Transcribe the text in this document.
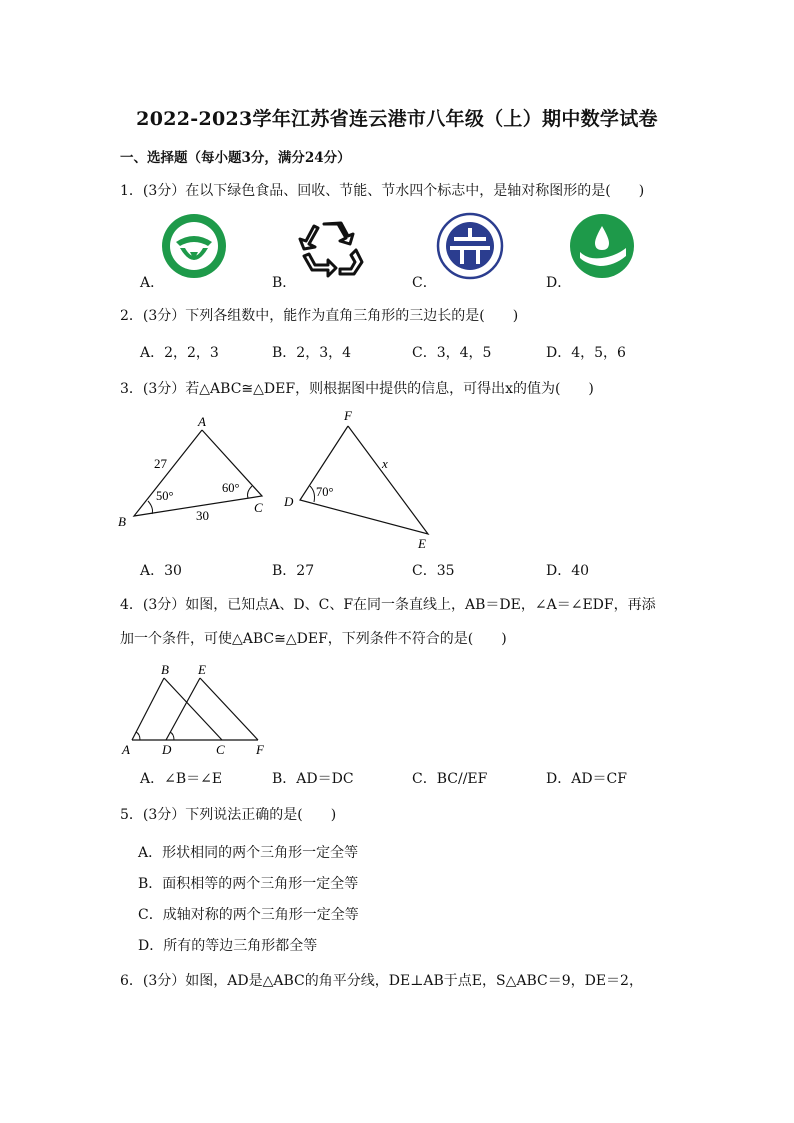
2022-2023学年江苏省连云港市八年级（上）期中数学试卷
一、选择题（每小题3分，满分24分）
1．(3分）在以下绿色食品、回收、节能、节水四个标志中，是轴对称图形的是(　　)
A．	B．	C．	D．
2．(3分）下列各组数中，能作为直角三角形的三边长的是(　　)
A．2，2，3	B．2，3，4	C．3，4，5	D．4，5，6
3．(3分）若△ABC≅△DEF，则根据图中提供的信息，可得出x的值为(　　)
A
B
C
27
30
50°
60°
F
D
E
x
70°
A．30	B．27	C．35	D．40
4．(3分）如图，已知点A、D、C、F在同一条直线上，AB＝DE，∠A＝∠EDF，再添
加一个条件，可使△ABC≅△DEF，下列条件不符合的是(　　)
B E
A D	C F
A．∠B＝∠E	B．AD＝DC	C．BC//EF	D．AD＝CF
5．(3分）下列说法正确的是(　　)
A．形状相同的两个三角形一定全等
B．面积相等的两个三角形一定全等
C．成轴对称的两个三角形一定全等
D．所有的等边三角形都全等
6．(3分）如图，AD是△ABC的角平分线，DE⊥AB于点E，S△ABC＝9，DE＝2，
